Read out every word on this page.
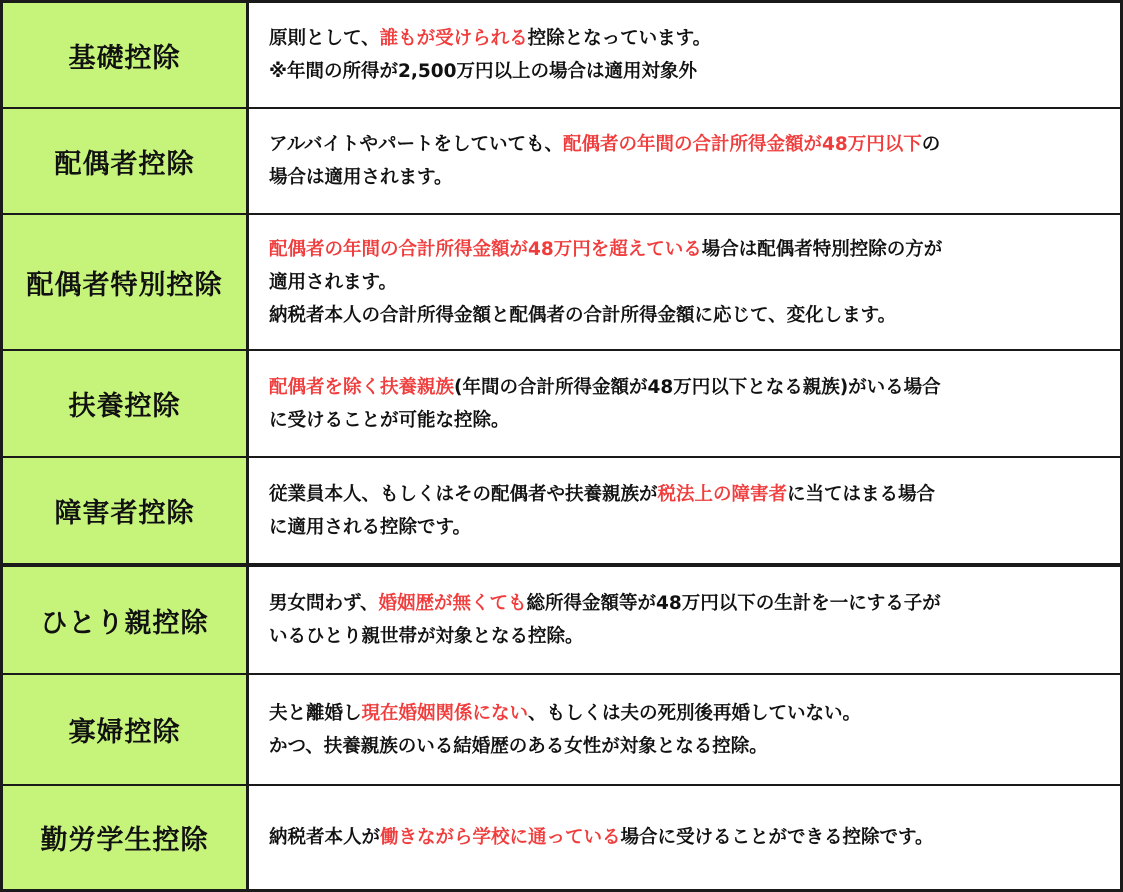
基礎控除
原則として、誰もが受けられる控除となっています。
※年間の所得が2,500万円以上の場合は適用対象外
配偶者控除
アルバイトやパートをしていても、配偶者の年間の合計所得金額が48万円以下の
場合は適用されます。
配偶者特別控除
配偶者の年間の合計所得金額が48万円を超えている場合は配偶者特別控除の方が
適用されます。
納税者本人の合計所得金額と配偶者の合計所得金額に応じて、変化します。
扶養控除
配偶者を除く扶養親族(年間の合計所得金額が48万円以下となる親族)がいる場合
に受けることが可能な控除。
障害者控除
従業員本人、もしくはその配偶者や扶養親族が税法上の障害者に当てはまる場合
に適用される控除です。
ひとり親控除
男女問わず、婚姻歴が無くても総所得金額等が48万円以下の生計を一にする子が
いるひとり親世帯が対象となる控除。
寡婦控除
夫と離婚し現在婚姻関係にない、もしくは夫の死別後再婚していない。
かつ、扶養親族のいる結婚歴のある女性が対象となる控除。
勤労学生控除	納税者本人が働きながら学校に通っている場合に受けることができる控除です。
